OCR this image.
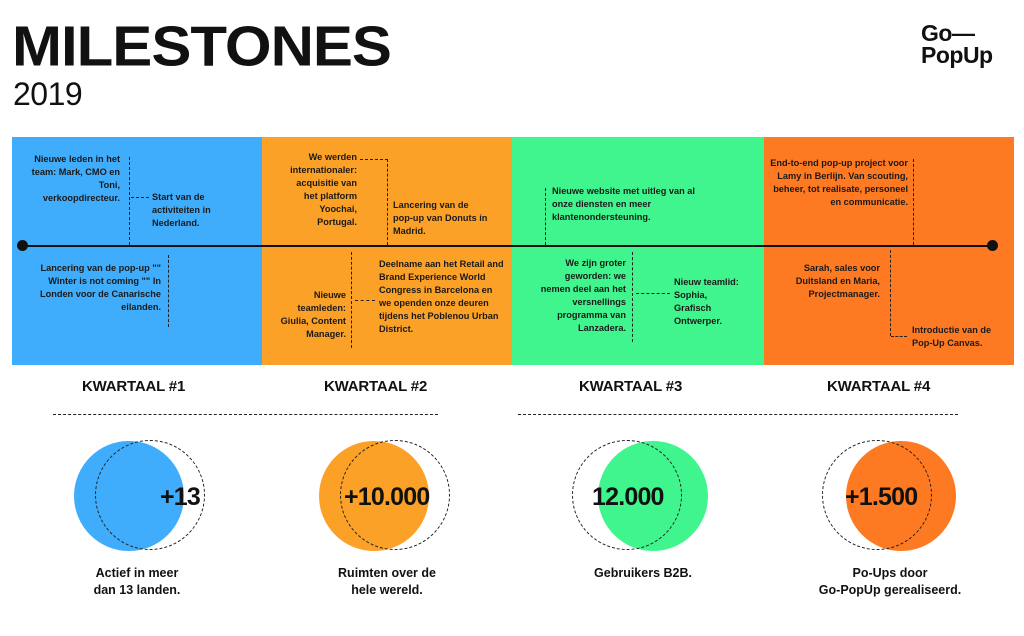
MILESTONES
2019
Go—
PopUp
Nieuwe leden in het team: Mark, CMO en Toni, verkoopdirecteur.	Start van de activiteiten in Nederland.
Lancering van de pop-up "" Winter is not coming "" In Londen voor de Canarische eilanden.
We werden internationaler: acquisitie van het platform Yoochai, Portugal.
Lancering van de pop-up van Donuts in Madrid.
Nieuwe teamleden: Giulia, Content Manager.
Deelname aan het Retail and Brand Experience World Congress in Barcelona en we openden onze deuren tijdens het Poblenou Urban District.
Nieuwe website met uitleg van al onze diensten en meer klantenondersteuning.
We zijn groter geworden: we nemen deel aan het versnellings programma van Lanzadera.
Nieuw teamlid: Sophia, Grafisch Ontwerper.
End-to-end pop-up project voor Lamy in Berlijn. Van scouting, beheer, tot realisate, personeel en communicatie.
Sarah, sales voor Duitsland en Maria, Projectmanager.
Introductie van de Pop-Up Canvas.
KWARTAAL #1	KWARTAAL #2	KWARTAAL #3	KWARTAAL #4
+13
Actief in meer
dan 13 landen.
+10.000
Ruimten over de
hele wereld.
12.000
Gebruikers B2B.
+1.500
Po-Ups door
Go-PopUp gerealiseerd.
